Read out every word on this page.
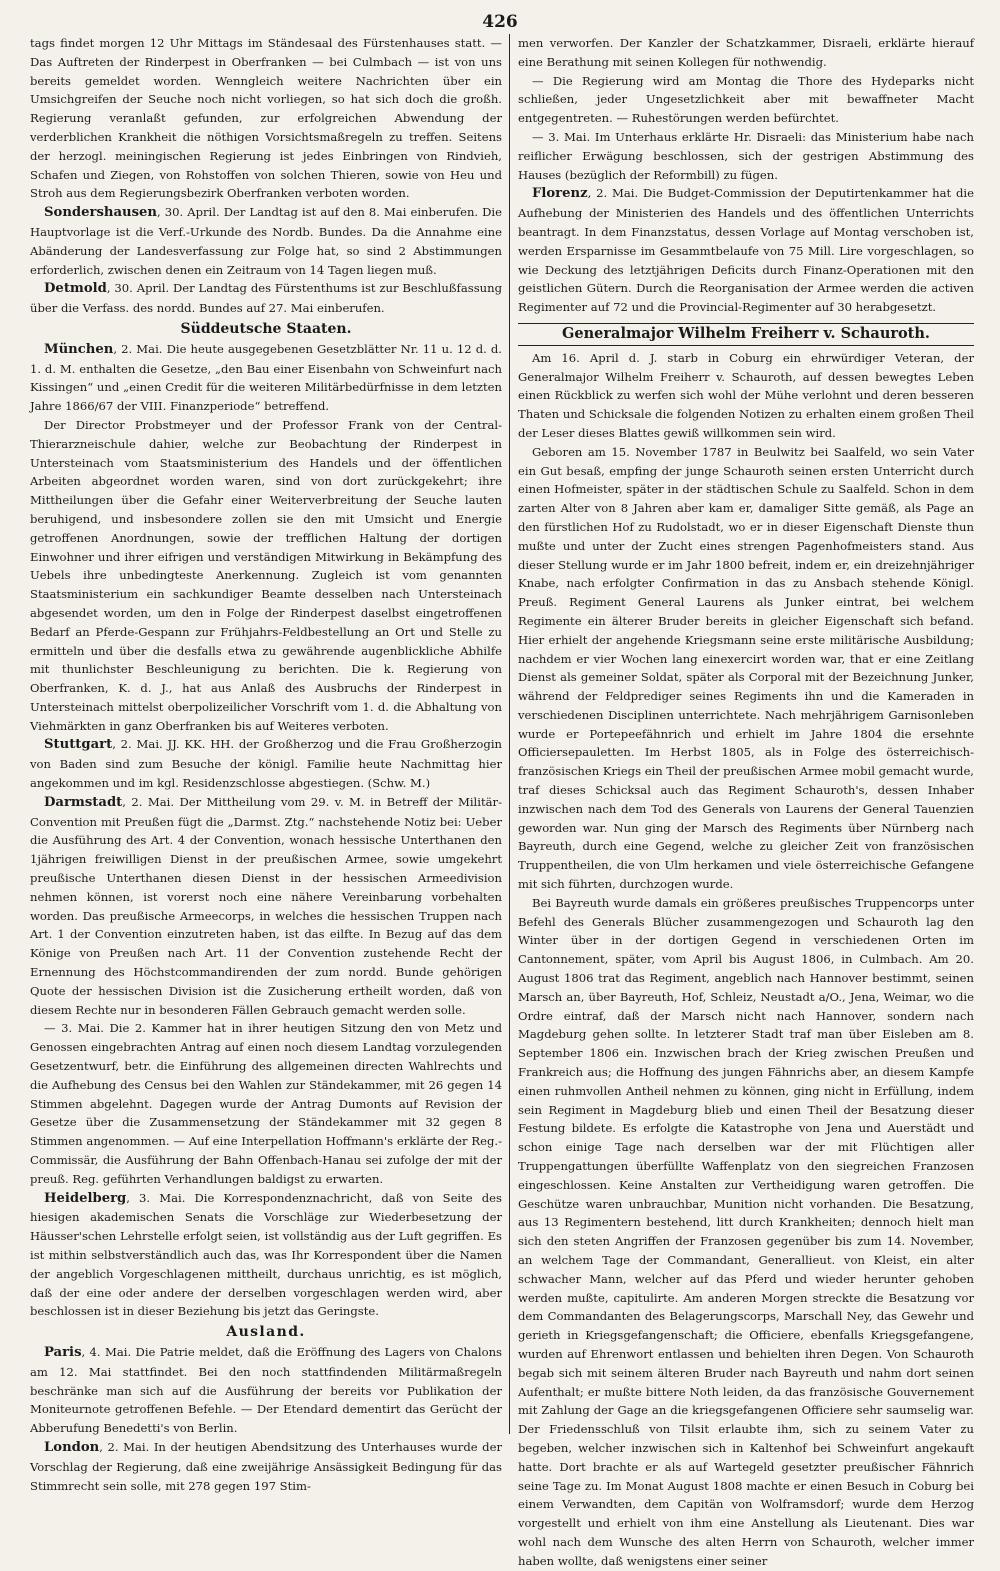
426

tags findet morgen 12 Uhr Mittags im Ständesaal des Fürstenhauses statt. — Das Auftreten der Rinderpest in Oberfranken — bei Culmbach — ist von uns bereits gemeldet worden. Wenngleich weitere Nachrichten über ein Umsichgreifen der Seuche noch nicht vorliegen, so hat sich doch die großh. Regierung veranlaßt gefunden, zur erfolgreichen Abwendung der verderblichen Krankheit die nöthigen Vorsichtsmaßregeln zu treffen. Seitens der herzogl. meiningischen Regierung ist jedes Einbringen von Rindvieh, Schafen und Ziegen, von Rohstoffen von solchen Thieren, sowie von Heu und Stroh aus dem Regierungsbezirk Oberfranken verboten worden.

Sondershausen, 30. April. Der Landtag ist auf den 8. Mai einberufen. Die Hauptvorlage ist die Verf.-Urkunde des Nordb. Bundes. Da die Annahme eine Abänderung der Landesverfassung zur Folge hat, so sind 2 Abstimmungen erforderlich, zwischen denen ein Zeitraum von 14 Tagen liegen muß.

Detmold, 30. April. Der Landtag des Fürstenthums ist zur Beschlußfassung über die Verfass. des nordd. Bundes auf 27. Mai einberufen.

Süddeutsche Staaten.

München, 2. Mai. Die heute ausgegebenen Gesetzblätter Nr. 11 u. 12 d. d. 1. d. M. enthalten die Gesetze, „den Bau einer Eisenbahn von Schweinfurt nach Kissingen“ und „einen Credit für die weiteren Militärbedürfnisse in dem letzten Jahre 1866/67 der VIII. Finanzperiode“ betreffend.

Der Director Probstmeyer und der Professor Frank von der Central-Thierarzneischule dahier, welche zur Beobachtung der Rinderpest in Untersteinach vom Staatsministerium des Handels und der öffentlichen Arbeiten abgeordnet worden waren, sind von dort zurückgekehrt; ihre Mittheilungen über die Gefahr einer Weiterverbreitung der Seuche lauten beruhigend, und insbesondere zollen sie den mit Umsicht und Energie getroffenen Anordnungen, sowie der trefflichen Haltung der dortigen Einwohner und ihrer eifrigen und verständigen Mitwirkung in Bekämpfung des Uebels ihre unbedingteste Anerkennung. Zugleich ist vom genannten Staatsministerium ein sachkundiger Beamte desselben nach Untersteinach abgesendet worden, um den in Folge der Rinderpest daselbst eingetroffenen Bedarf an Pferde-Gespann zur Frühjahrs-Feldbestellung an Ort und Stelle zu ermitteln und über die desfalls etwa zu gewährende augenblickliche Abhilfe mit thunlichster Beschleunigung zu berichten. Die k. Regierung von Oberfranken, K. d. J., hat aus Anlaß des Ausbruchs der Rinderpest in Untersteinach mittelst oberpolizeilicher Vorschrift vom 1. d. die Abhaltung von Viehmärkten in ganz Oberfranken bis auf Weiteres verboten.

Stuttgart, 2. Mai. JJ. KK. HH. der Großherzog und die Frau Großherzogin von Baden sind zum Besuche der königl. Familie heute Nachmittag hier angekommen und im kgl. Residenzschlosse abgestiegen. (Schw. M.)

Darmstadt, 2. Mai. Der Mittheilung vom 29. v. M. in Betreff der Militär-Convention mit Preußen fügt die „Darmst. Ztg.“ nachstehende Notiz bei: Ueber die Ausführung des Art. 4 der Convention, wonach hessische Unterthanen den 1jährigen freiwilligen Dienst in der preußischen Armee, sowie umgekehrt preußische Unterthanen diesen Dienst in der hessischen Armeedivision nehmen können, ist vorerst noch eine nähere Vereinbarung vorbehalten worden. Das preußische Armeecorps, in welches die hessischen Truppen nach Art. 1 der Convention einzutreten haben, ist das eilfte. In Bezug auf das dem Könige von Preußen nach Art. 11 der Convention zustehende Recht der Ernennung des Höchstcommandirenden der zum nordd. Bunde gehörigen Quote der hessischen Division ist die Zusicherung ertheilt worden, daß von diesem Rechte nur in besonderen Fällen Gebrauch gemacht werden solle.

— 3. Mai. Die 2. Kammer hat in ihrer heutigen Sitzung den von Metz und Genossen eingebrachten Antrag auf einen noch diesem Landtag vorzulegenden Gesetzentwurf, betr. die Einführung des allgemeinen directen Wahlrechts und die Aufhebung des Census bei den Wahlen zur Ständekammer, mit 26 gegen 14 Stimmen abgelehnt. Dagegen wurde der Antrag Dumonts auf Revision der Gesetze über die Zusammensetzung der Ständekammer mit 32 gegen 8 Stimmen angenommen. — Auf eine Interpellation Hoffmann's erklärte der Reg.-Commissär, die Ausführung der Bahn Offenbach-Hanau sei zufolge der mit der preuß. Reg. geführten Verhandlungen baldigst zu erwarten.

Heidelberg, 3. Mai. Die Korrespondenznachricht, daß von Seite des hiesigen akademischen Senats die Vorschläge zur Wiederbesetzung der Häusser'schen Lehrstelle erfolgt seien, ist vollständig aus der Luft gegriffen. Es ist mithin selbstverständlich auch das, was Ihr Korrespondent über die Namen der angeblich Vorgeschlagenen mittheilt, durchaus unrichtig, es ist möglich, daß der eine oder andere der derselben vorgeschlagen werden wird, aber beschlossen ist in dieser Beziehung bis jetzt das Geringste.

Ausland.

Paris, 4. Mai. Die Patrie meldet, daß die Eröffnung des Lagers von Chalons am 12. Mai stattfindet. Bei den noch stattfindenden Militärmaßregeln beschränke man sich auf die Ausführung der bereits vor Publikation der Moniteurnote getroffenen Befehle. — Der Etendard dementirt das Gerücht der Abberufung Benedetti's von Berlin.

London, 2. Mai. In der heutigen Abendsitzung des Unterhauses wurde der Vorschlag der Regierung, daß eine zweijährige Ansässigkeit Bedingung für das Stimmrecht sein solle, mit 278 gegen 197 Stim-

men verworfen. Der Kanzler der Schatzkammer, Disraeli, erklärte hierauf eine Berathung mit seinen Kollegen für nothwendig.

— Die Regierung wird am Montag die Thore des Hydeparks nicht schließen, jeder Ungesetzlichkeit aber mit bewaffneter Macht entgegentreten. — Ruhestörungen werden befürchtet.

— 3. Mai. Im Unterhaus erklärte Hr. Disraeli: das Ministerium habe nach reiflicher Erwägung beschlossen, sich der gestrigen Abstimmung des Hauses (bezüglich der Reformbill) zu fügen.

Florenz, 2. Mai. Die Budget-Commission der Deputirtenkammer hat die Aufhebung der Ministerien des Handels und des öffentlichen Unterrichts beantragt. In dem Finanzstatus, dessen Vorlage auf Montag verschoben ist, werden Ersparnisse im Gesammtbelaufe von 75 Mill. Lire vorgeschlagen, so wie Deckung des letztjährigen Deficits durch Finanz-Operationen mit den geistlichen Gütern. Durch die Reorganisation der Armee werden die activen Regimenter auf 72 und die Provincial-Regimenter auf 30 herabgesetzt.

Generalmajor Wilhelm Freiherr v. Schauroth.

Am 16. April d. J. starb in Coburg ein ehrwürdiger Veteran, der Generalmajor Wilhelm Freiherr v. Schauroth, auf dessen bewegtes Leben einen Rückblick zu werfen sich wohl der Mühe verlohnt und deren besseren Thaten und Schicksale die folgenden Notizen zu erhalten einem großen Theil der Leser dieses Blattes gewiß willkommen sein wird.

Geboren am 15. November 1787 in Beulwitz bei Saalfeld, wo sein Vater ein Gut besaß, empfing der junge Schauroth seinen ersten Unterricht durch einen Hofmeister, später in der städtischen Schule zu Saalfeld. Schon in dem zarten Alter von 8 Jahren aber kam er, damaliger Sitte gemäß, als Page an den fürstlichen Hof zu Rudolstadt, wo er in dieser Eigenschaft Dienste thun mußte und unter der Zucht eines strengen Pagenhofmeisters stand. Aus dieser Stellung wurde er im Jahr 1800 befreit, indem er, ein dreizehnjähriger Knabe, nach erfolgter Confirmation in das zu Ansbach stehende Königl. Preuß. Regiment General Laurens als Junker eintrat, bei welchem Regimente ein älterer Bruder bereits in gleicher Eigenschaft sich befand. Hier erhielt der angehende Kriegsmann seine erste militärische Ausbildung; nachdem er vier Wochen lang einexercirt worden war, that er eine Zeitlang Dienst als gemeiner Soldat, später als Corporal mit der Bezeichnung Junker, während der Feldprediger seines Regiments ihn und die Kameraden in verschiedenen Disciplinen unterrichtete. Nach mehrjährigem Garnisonleben wurde er Portepeefähnrich und erhielt im Jahre 1804 die ersehnte Officiersepauletten. Im Herbst 1805, als in Folge des österreichisch-französischen Kriegs ein Theil der preußischen Armee mobil gemacht wurde, traf dieses Schicksal auch das Regiment Schauroth's, dessen Inhaber inzwischen nach dem Tod des Generals von Laurens der General Tauenzien geworden war. Nun ging der Marsch des Regiments über Nürnberg nach Bayreuth, durch eine Gegend, welche zu gleicher Zeit von französischen Truppentheilen, die von Ulm herkamen und viele österreichische Gefangene mit sich führten, durchzogen wurde.

Bei Bayreuth wurde damals ein größeres preußisches Truppencorps unter Befehl des Generals Blücher zusammengezogen und Schauroth lag den Winter über in der dortigen Gegend in verschiedenen Orten im Cantonnement, später, vom April bis August 1806, in Culmbach. Am 20. August 1806 trat das Regiment, angeblich nach Hannover bestimmt, seinen Marsch an, über Bayreuth, Hof, Schleiz, Neustadt a/O., Jena, Weimar, wo die Ordre eintraf, daß der Marsch nicht nach Hannover, sondern nach Magdeburg gehen sollte. In letzterer Stadt traf man über Eisleben am 8. September 1806 ein. Inzwischen brach der Krieg zwischen Preußen und Frankreich aus; die Hoffnung des jungen Fähnrichs aber, an diesem Kampfe einen ruhmvollen Antheil nehmen zu können, ging nicht in Erfüllung, indem sein Regiment in Magdeburg blieb und einen Theil der Besatzung dieser Festung bildete. Es erfolgte die Katastrophe von Jena und Auerstädt und schon einige Tage nach derselben war der mit Flüchtigen aller Truppengattungen überfüllte Waffenplatz von den siegreichen Franzosen eingeschlossen. Keine Anstalten zur Vertheidigung waren getroffen. Die Geschütze waren unbrauchbar, Munition nicht vorhanden. Die Besatzung, aus 13 Regimentern bestehend, litt durch Krankheiten; dennoch hielt man sich den steten Angriffen der Franzosen gegenüber bis zum 14. November, an welchem Tage der Commandant, Generallieut. von Kleist, ein alter schwacher Mann, welcher auf das Pferd und wieder herunter gehoben werden mußte, capitulirte. Am anderen Morgen streckte die Besatzung vor dem Commandanten des Belagerungscorps, Marschall Ney, das Gewehr und gerieth in Kriegsgefangenschaft; die Officiere, ebenfalls Kriegsgefangene, wurden auf Ehrenwort entlassen und behielten ihren Degen. Von Schauroth begab sich mit seinem älteren Bruder nach Bayreuth und nahm dort seinen Aufenthalt; er mußte bittere Noth leiden, da das französische Gouvernement mit Zahlung der Gage an die kriegsgefangenen Officiere sehr saumselig war. Der Friedensschluß von Tilsit erlaubte ihm, sich zu seinem Vater zu begeben, welcher inzwischen sich in Kaltenhof bei Schweinfurt angekauft hatte. Dort brachte er als auf Wartegeld gesetzter preußischer Fähnrich seine Tage zu. Im Monat August 1808 machte er einen Besuch in Coburg bei einem Verwandten, dem Capitän von Wolframsdorf; wurde dem Herzog vorgestellt und erhielt von ihm eine Anstellung als Lieutenant. Dies war wohl nach dem Wunsche des alten Herrn von Schauroth, welcher immer haben wollte, daß wenigstens einer seiner
